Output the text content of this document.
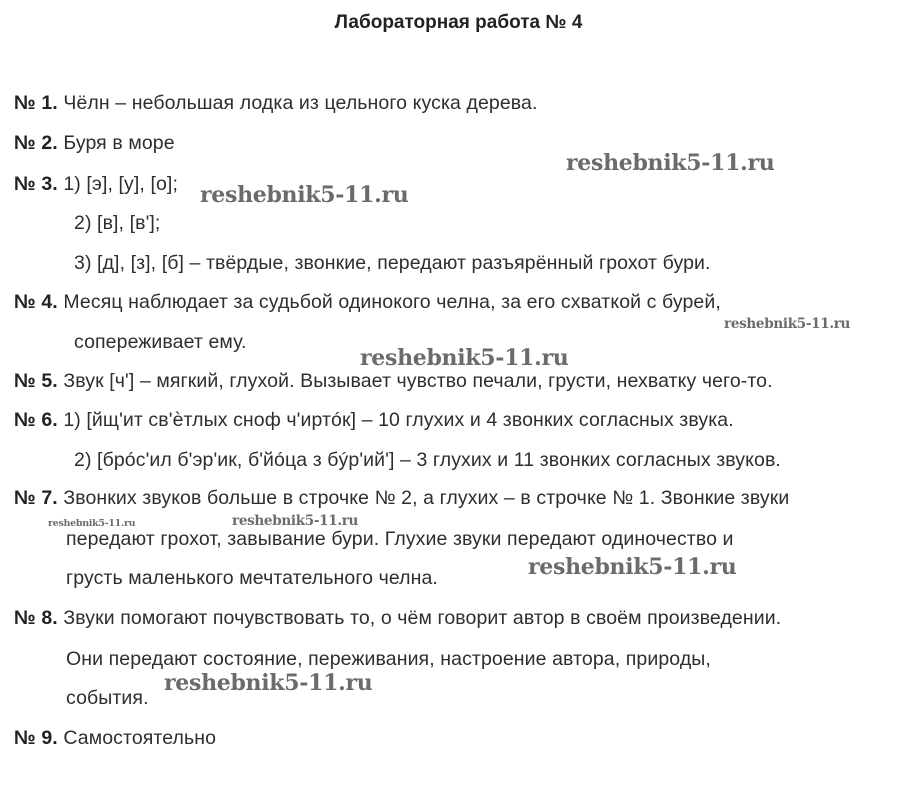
Лабораторная работа № 4
№ 1. Чёлн – небольшая лодка из цельного куска дерева.
№ 2. Буря в море
№ 3. 1) [э], [у], [о];
2) [в], [в'];
3) [д], [з], [б] – твёрдые, звонкие, передают разъярённый грохот бури.
№ 4. Месяц наблюдает за судьбой одинокого челна, за его схваткой с бурей,
сопереживает ему.
№ 5. Звук [ч'] – мягкий, глухой. Вызывает чувство печали, грусти, нехватку чего-то.
№ 6. 1) [йщ'ит св'ѐтлых сноф ч'иртóк] – 10 глухих и 4 звонких согласных звука.
2) [брóс'ил б'эр'ик, б'йóца з бýр'ий'] – 3 глухих и 11 звонких согласных звуков.
№ 7. Звонких звуков больше в строчке № 2, а глухих – в строчке № 1. Звонкие звуки
передают грохот, завывание бури. Глухие звуки передают одиночество и
грусть маленького мечтательного челна.
№ 8. Звуки помогают почувствовать то, о чём говорит автор в своём произведении.
Они передают состояние, переживания, настроение автора, природы,
события.
№ 9. Самостоятельно
reshebnik5-11.ru
reshebnik5-11.ru
reshebnik5-11.ru
reshebnik5-11.ru
reshebnik5-11.ru	reshebnik5-11.ru
reshebnik5-11.ru
reshebnik5-11.ru
